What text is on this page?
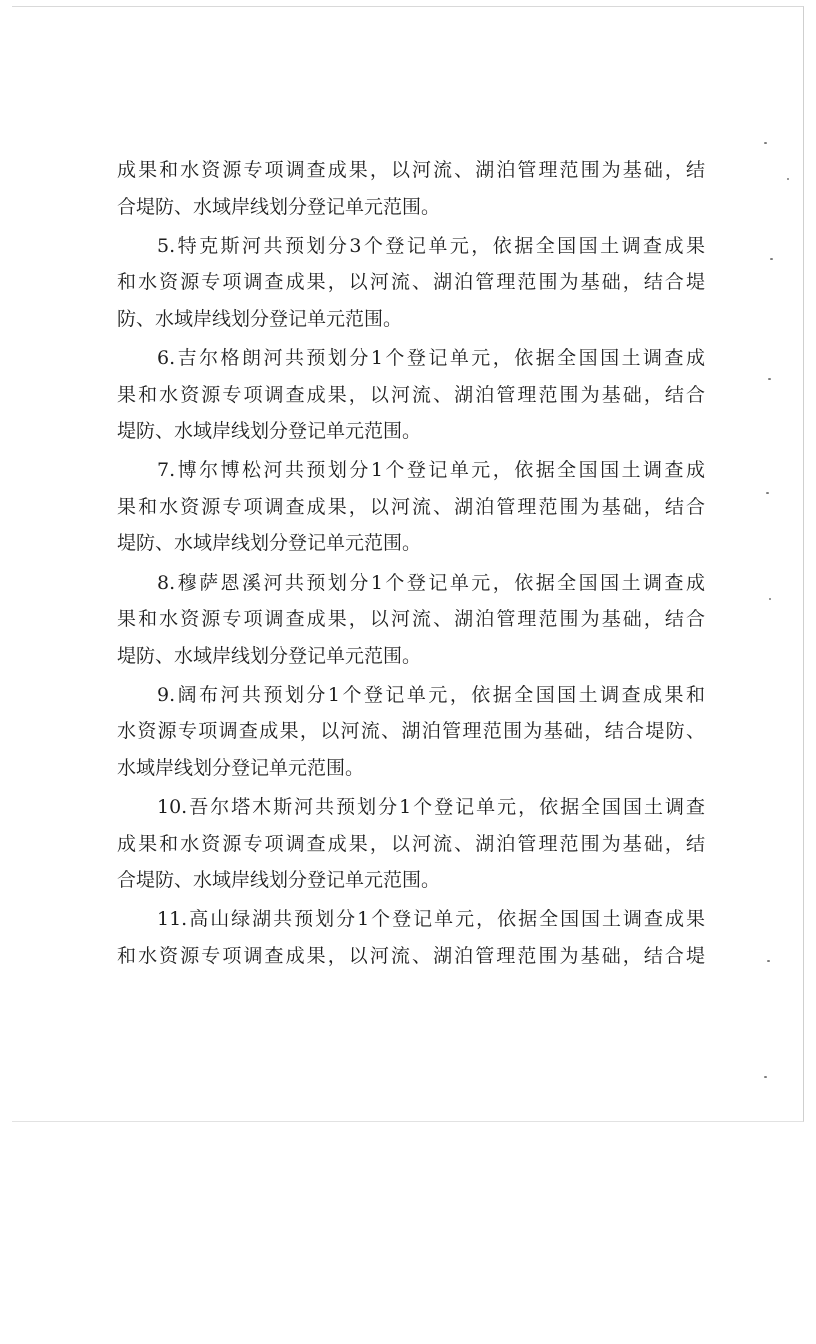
成果和水资源专项调查成果，以河流、湖泊管理范围为基础，结
合堤防、水域岸线划分登记单元范围。
5.特克斯河共预划分3个登记单元，依据全国国土调查成果
和水资源专项调查成果，以河流、湖泊管理范围为基础，结合堤
防、水域岸线划分登记单元范围。
6.吉尔格朗河共预划分1个登记单元，依据全国国土调查成
果和水资源专项调查成果，以河流、湖泊管理范围为基础，结合
堤防、水域岸线划分登记单元范围。
7.博尔博松河共预划分1个登记单元，依据全国国土调查成
果和水资源专项调查成果，以河流、湖泊管理范围为基础，结合
堤防、水域岸线划分登记单元范围。
8.穆萨恩溪河共预划分1个登记单元，依据全国国土调查成
果和水资源专项调查成果，以河流、湖泊管理范围为基础，结合
堤防、水域岸线划分登记单元范围。
9.阔布河共预划分1个登记单元，依据全国国土调查成果和
水资源专项调查成果，以河流、湖泊管理范围为基础，结合堤防、
水域岸线划分登记单元范围。
10.吾尔塔木斯河共预划分1个登记单元，依据全国国土调查
成果和水资源专项调查成果，以河流、湖泊管理范围为基础，结
合堤防、水域岸线划分登记单元范围。
11.高山绿湖共预划分1个登记单元，依据全国国土调查成果
和水资源专项调查成果，以河流、湖泊管理范围为基础，结合堤
